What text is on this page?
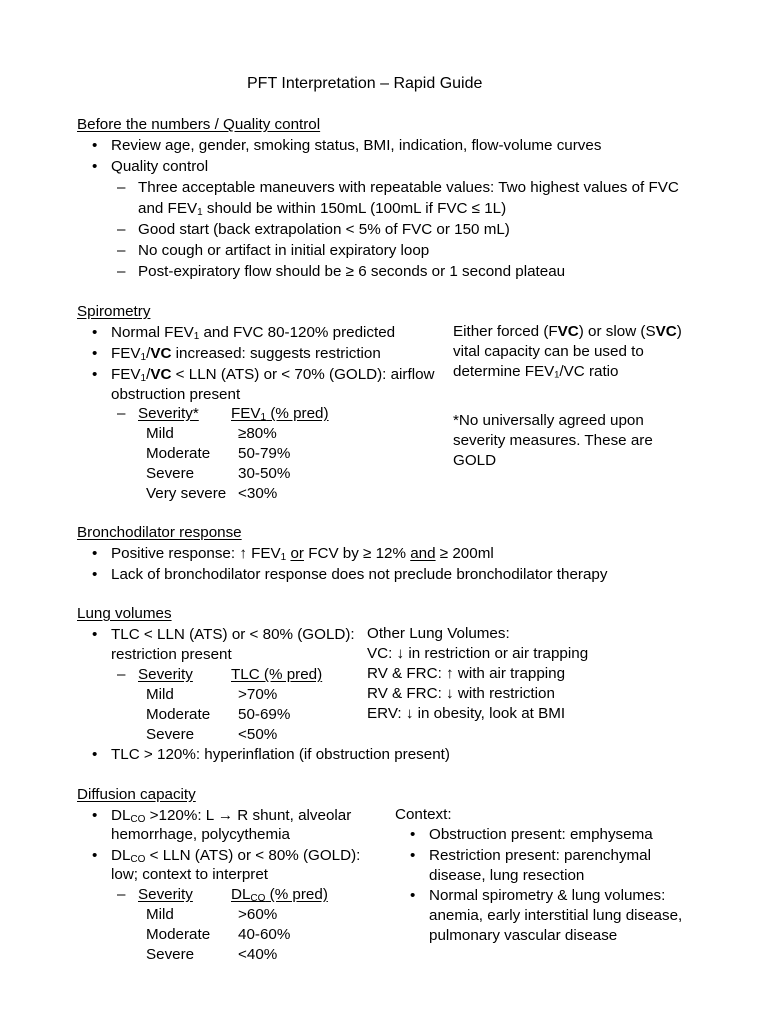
PFT Interpretation – Rapid Guide
Before the numbers / Quality control
• Review age, gender, smoking status, BMI, indication, flow-volume curves
• Quality control
– Three acceptable maneuvers with repeatable values: Two highest values of FVC
and $FEV_1$ should be within 150mL (100mL if FVC ≤ 1L)
– Good start (back extrapolation < 5% of FVC or 150 mL)
– No cough or artifact in initial expiratory loop
– Post-expiratory flow should be ≥ 6 seconds or 1 second plateau
Spirometry
• Normal $FEV_1$ and FVC 80-120% predicted
• $FEV_1/VC$ increased: suggests restriction
• $FEV_1/VC$ < LLN (ATS) or < 70% (GOLD): airflow
obstruction present
– Severity* $FEV_1$ (% pred)
Mild	≥80%
Moderate 50-79%
Severe	30-50%
Very severe <30%
Either forced (FVC) or slow (SVC)
vital capacity can be used to
determine FEV₁/VC ratio
*No universally agreed upon
severity measures. These are
GOLD
Bronchodilator response
• Positive response: ↑ $FEV_1$ or FCV by ≥ 12% and ≥ 200ml
• Lack of bronchodilator response does not preclude bronchodilator therapy
Lung volumes
• TLC < LLN (ATS) or < 80% (GOLD):
restriction present
– Severity	TLC (% pred)
Mild	>70%
Moderate 50-69%
Severe	<50%
• TLC > 120%: hyperinflation (if obstruction present)
Other Lung Volumes:
VC: ↓ in restriction or air trapping
RV & FRC: ↑ with air trapping
RV & FRC: ↓ with restriction
ERV: ↓ in obesity, look at BMI
Diffusion capacity
• $DL_{CO} >120\%$: L → R shunt, alveolar
hemorrhage, polycythemia
• $DL_{CO}$ < LLN (ATS) or < 80% (GOLD):
low; context to interpret
– Severity	$DL_{CO}$ (% pred)
Mild	>60%
Moderate 40-60%
Severe	<40%
Context:
• Obstruction present: emphysema
• Restriction present: parenchymal
disease, lung resection
• Normal spirometry & lung volumes:
anemia, early interstitial lung disease,
pulmonary vascular disease
